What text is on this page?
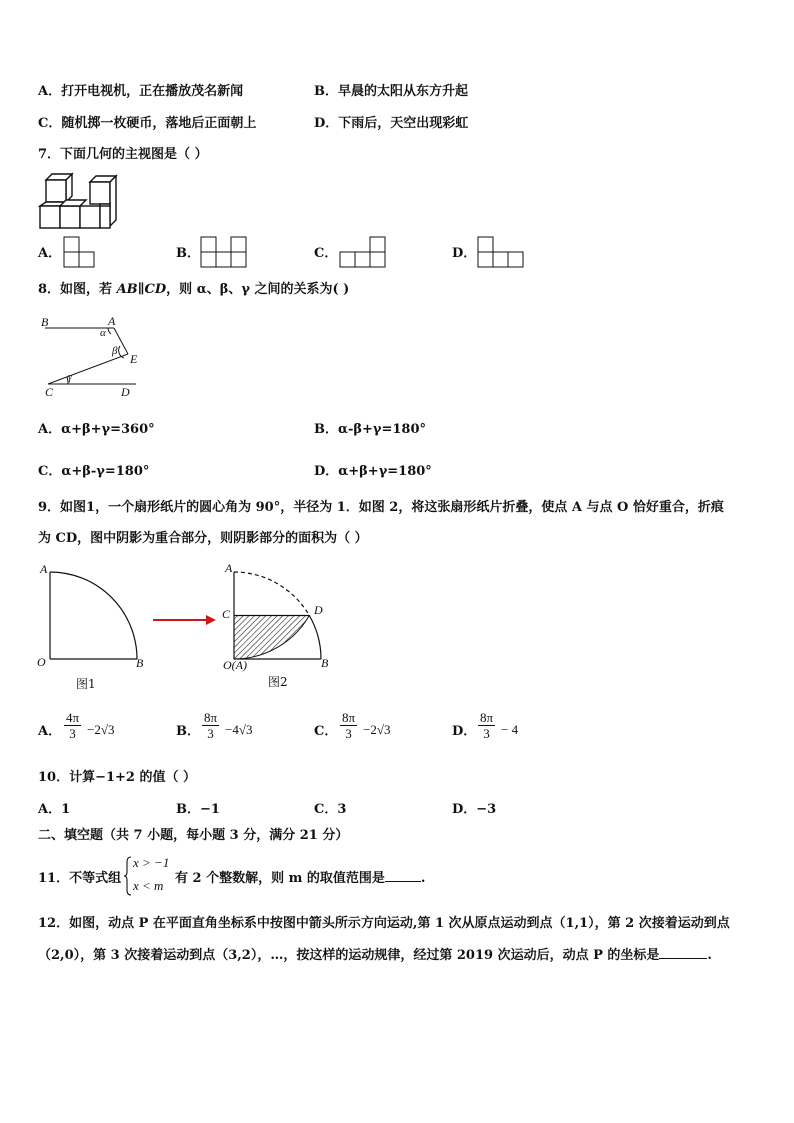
A．打开电视机，正在播放茂名新闻	B．早晨的太阳从东方升起
C．随机掷一枚硬币，落地后正面朝上	D．下雨后，天空出现彩虹
7．下面几何的主视图是（ ）
A．	B．	C．	D．
8．如图，若 AB∥CD，则 α、β、γ 之间的关系为( )
B	A
α
β
E
γ
C	D
A．α+β+γ=360°	B．α-β+γ=180°
C．α+β-γ=180°	D．α+β+γ=180°
9．如图1，一个扇形纸片的圆心角为 90°，半径为 1．如图 2，将这张扇形纸片折叠，使点 A 与点 O 恰好重合，折痕
为 CD，图中阴影为重合部分，则阴影部分的面积为（ ）
A
O	B
图1
A
C	D
O(A)	B
图2
A． $\frac{4\pi}{3} -2√3$	B． $\frac{8\pi}{3} -4√3$	C． $\frac{8\pi}{3} -2√3$	D． $\frac{8\pi}{3} - 4$
10．计算−1+2 的值（ ）
A．1	B．−1	C．3	D．−3
二、填空题（共 7 小题，每小题 3 分，满分 21 分）
11．不等式组
x > −1
x < m 有 2 个整数解，则 m 的取值范围是	.
12．如图，动点 P 在平面直角坐标系中按图中箭头所示方向运动,第 1 次从原点运动到点（1,1），第 2 次接着运动到点
（2,0），第 3 次接着运动到点（3,2），…，按这样的运动规律，经过第 2019 次运动后，动点 P 的坐标是	.
